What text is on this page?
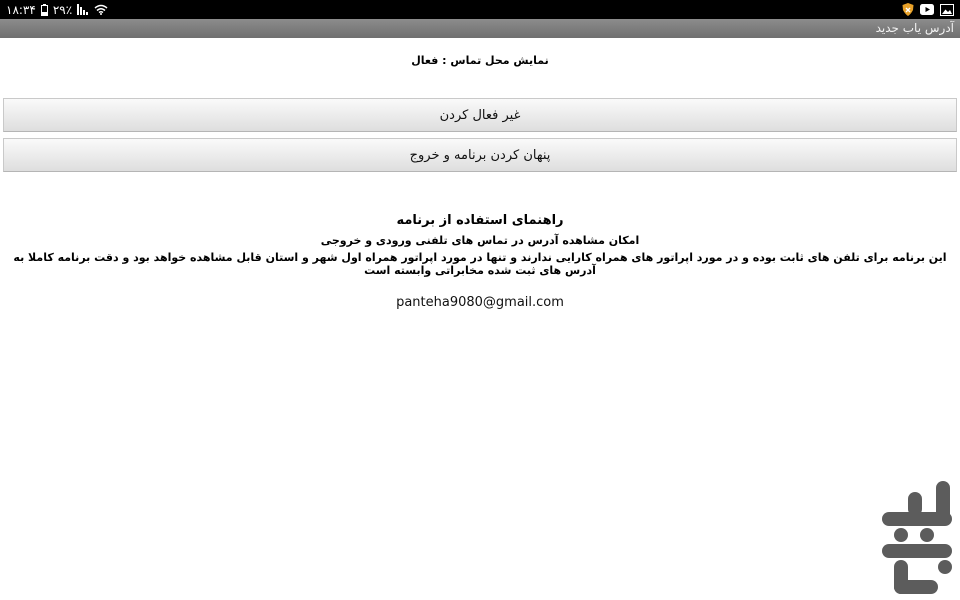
۱۸:۳۴ ۲۹٪
آدرس یاب جدید
نمایش محل تماس : فعال
غیر فعال کردن
پنهان کردن برنامه و خروج

راهنمای استفاده از برنامه

امکان مشاهده آدرس در تماس های تلفنی ورودی و خروجی

این برنامه برای تلفن های ثابت بوده و در مورد اپراتور های همراه کارایی ندارند و تنها در مورد اپراتور همراه اول شهر و استان قابل مشاهده خواهد بود و دقت برنامه کاملا به آدرس های ثبت شده مخابراتی وابسته است

panteha9080@gmail.com
